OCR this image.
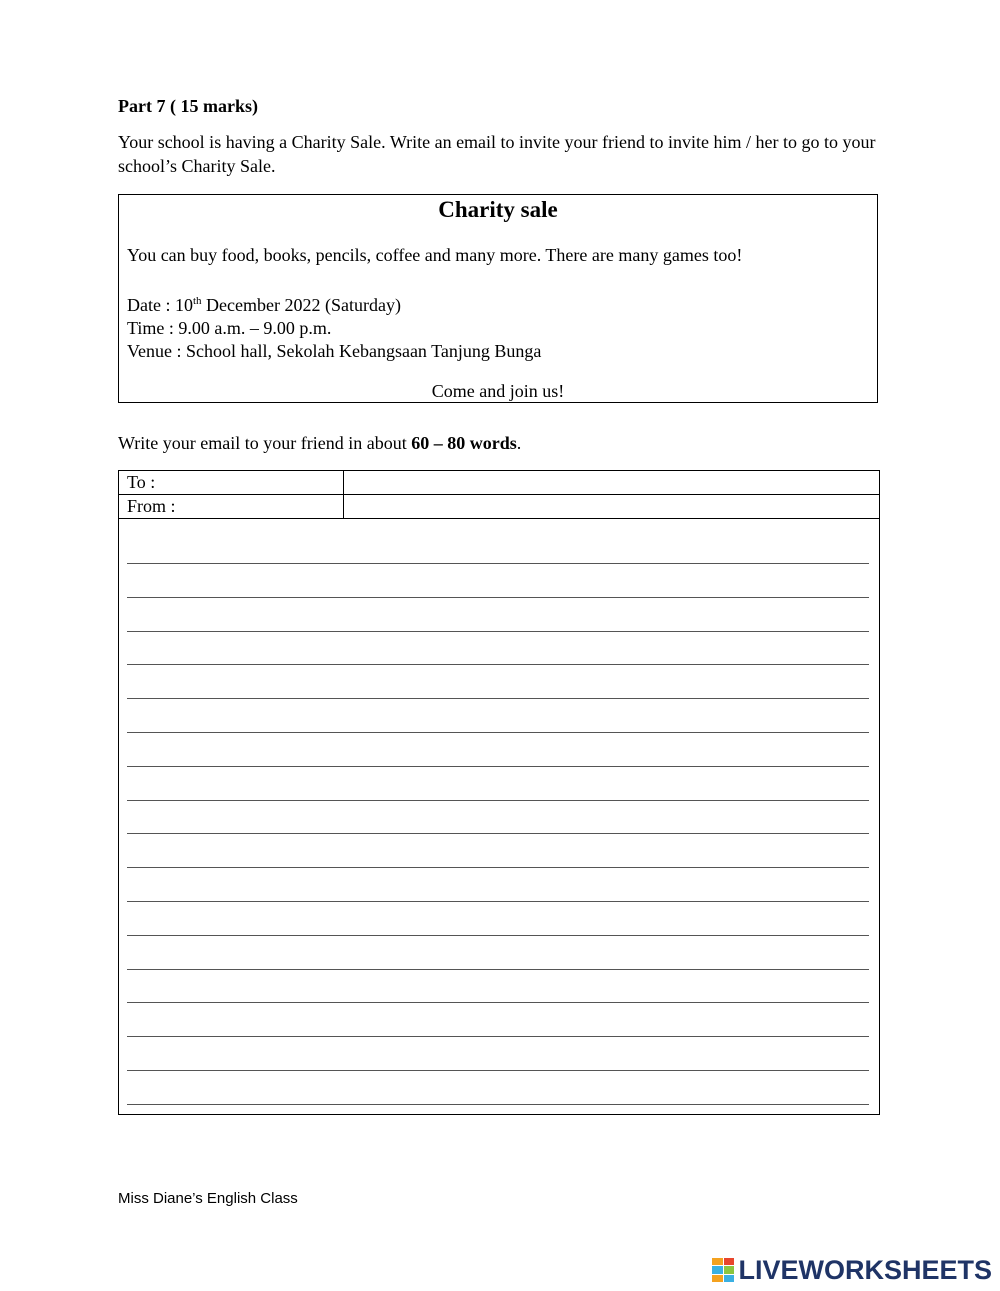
Part 7 ( 15 marks)
Your school is having a Charity Sale. Write an email to invite your friend to invite him / her to go to your school’s Charity Sale.
Charity sale
You can buy food, books, pencils, coffee and many more. There are many games too!
Date : 10th December 2022 (Saturday)
Time : 9.00 a.m. – 9.00 p.m.
Venue : School hall, Sekolah Kebangsaan Tanjung Bunga
Come and join us!
Write your email to your friend in about 60 – 80 words.
To :
From :
Miss Diane’s English Class
LIVEWORKSHEETS
